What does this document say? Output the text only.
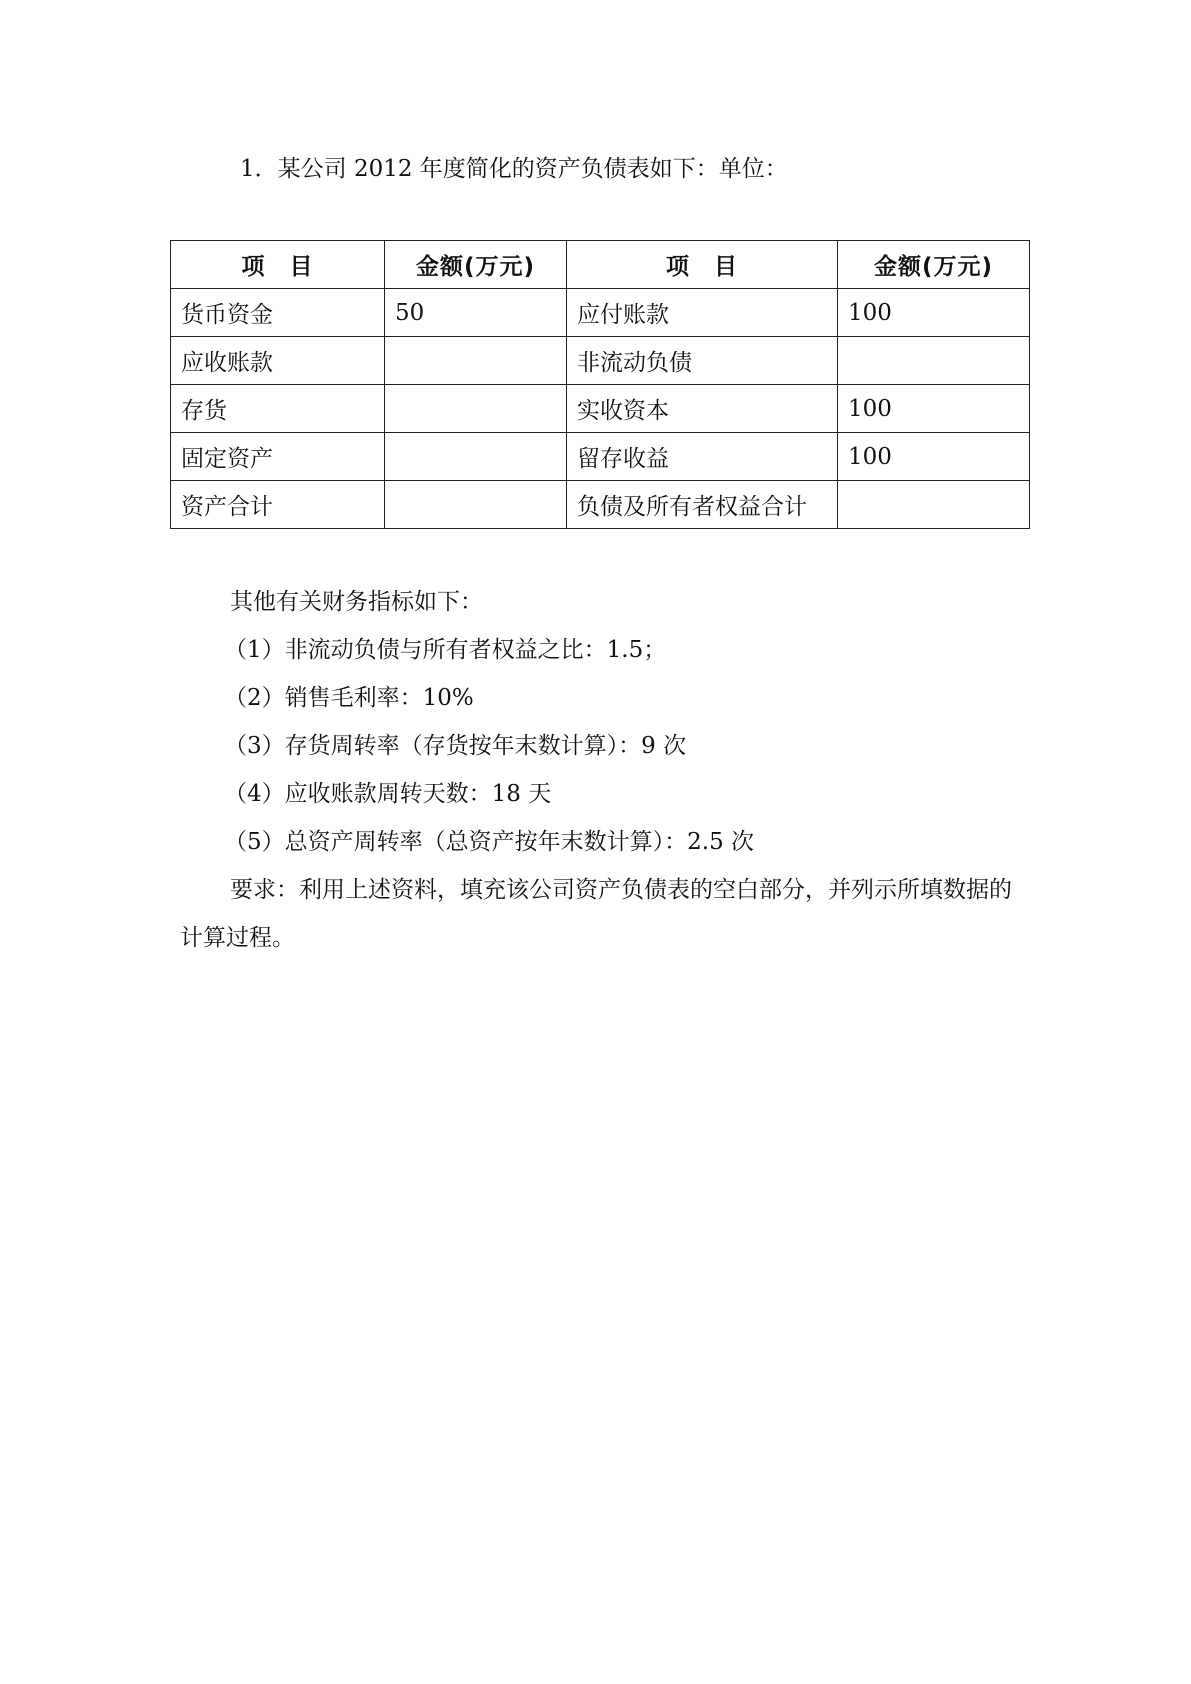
1．某公司 2012 年度简化的资产负债表如下：单位：
项　目	金额(万元)	项　目	金额(万元)
货币资金	50	应付账款	100
应收账款		非流动负债	
存货		实收资本	100
固定资产		留存收益	100
资产合计		负债及所有者权益合计	
其他有关财务指标如下：
（1）非流动负债与所有者权益之比：1.5；
（2）销售毛利率：10%
（3）存货周转率（存货按年末数计算）：9 次
（4）应收账款周转天数：18 天
（5）总资产周转率（总资产按年末数计算）：2.5 次
要求：利用上述资料，填充该公司资产负债表的空白部分，并列示所填数据的计算过程。
